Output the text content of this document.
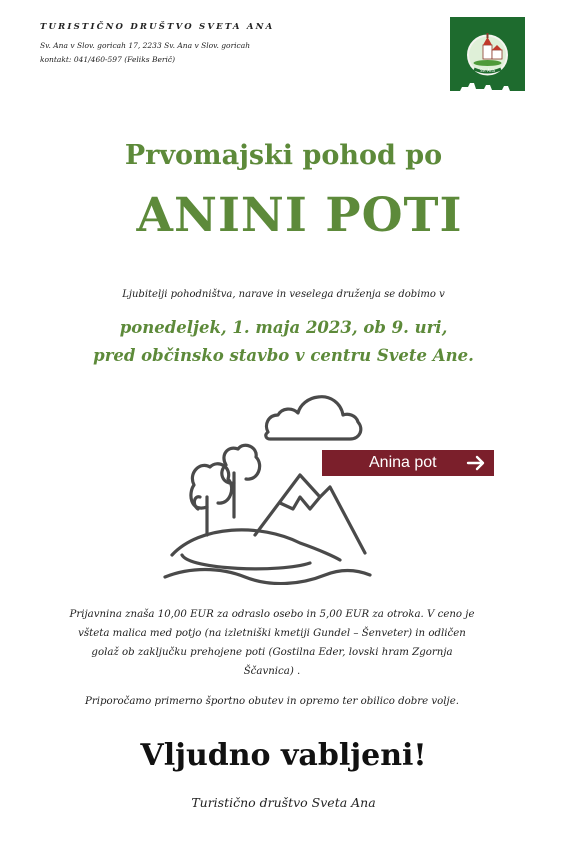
TURISTIČNO DRUŠTVO SVETA ANA
Sv. Ana v Slov. goricah 17, 2233 Sv. Ana v Slov. goricah
kontakt: 041/460-597 (Feliks Berič)
Sv. Ana
Prvomajski pohod po
ANINI POTI
Ljubitelji pohodništva, narave in veselega druženja se dobimo v
ponedeljek, 1. maja 2023, ob 9. uri,
pred občinsko stavbo v centru Svete Ane.
Anina pot
Prijavnina znaša 10,00 EUR za odraslo osebo in 5,00 EUR za otroka. V ceno je
všteta malica med potjo (na izletniški kmetiji Gundel – Šenveter) in odličen
golaž ob zaključku prehojene poti (Gostilna Eder, lovski hram Zgornja
Ščavnica) .
Priporočamo primerno športno obutev in opremo ter obilico dobre volje.
Vljudno vabljeni!
Turistično društvo Sveta Ana
